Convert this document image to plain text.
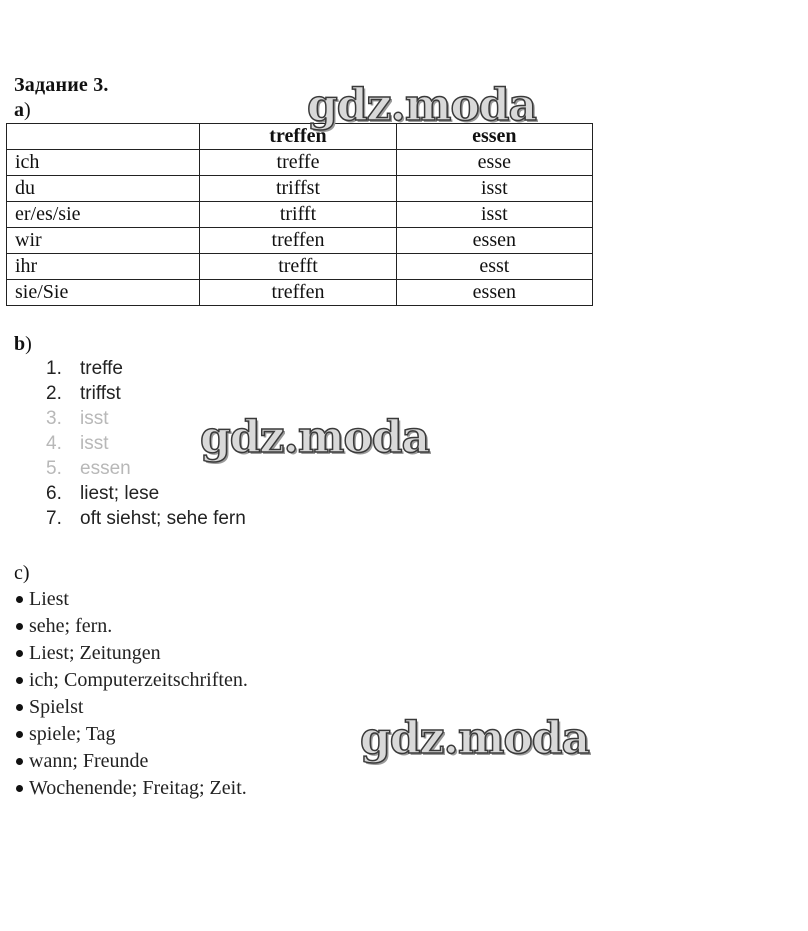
Задание 3.
a)
	treffen	essen
ich	treffe	esse
du	triffst	isst
er/es/sie	trifft	isst
wir	treffen	essen
ihr	trefft	esst
sie/Sie	treffen	essen
b)
1. treffe
2. triffst
3. isst
4. isst
5. essen
6. liest; lese
7. oft siehst; sehe fern
c)
Liest
sehe; fern.
Liest; Zeitungen
ich; Computerzeitschriften.
Spielst
spiele; Tag
wann; Freunde
Wochenende; Freitag; Zeit.
gdz.moda
gdz.moda
gdz.moda
